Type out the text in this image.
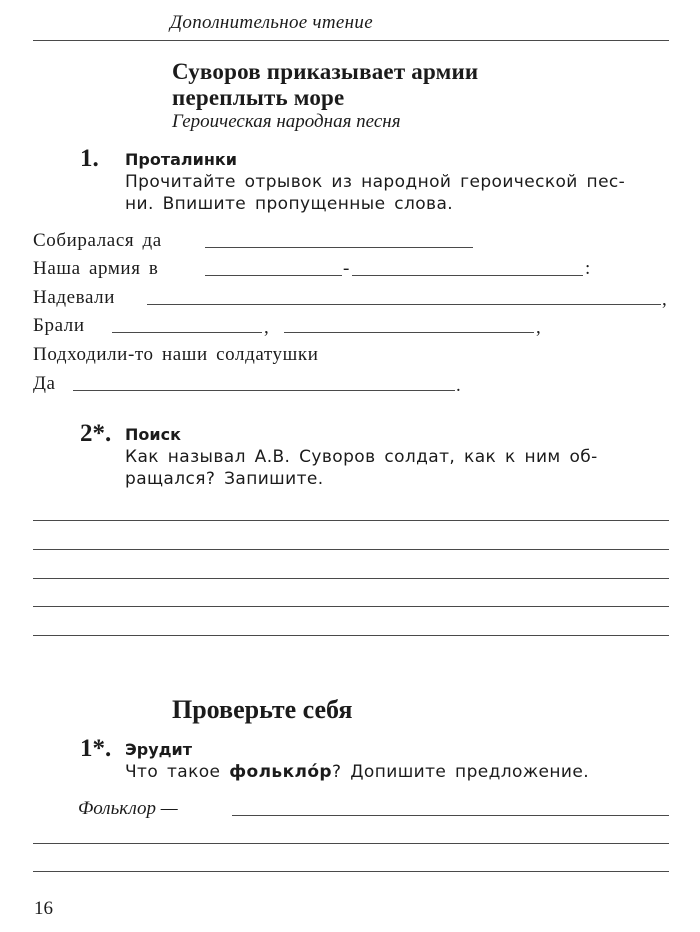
Дополнительное чтение
Суворов приказывает армии
переплыть море
Героическая народная песня
1. Проталинки
Прочитайте отрывок из народной героической пес-
ни. Впишите пропущенные слова.
Собиралася да
Наша армия в	-	:
Надевали	,
Брали	,	,
Подходили-то наши солдатушки
Да	.
2*. Поиск
Как называл А.В. Суворов солдат, как к ним об-
ращался? Запишите.
Проверьте себя
1*. Эрудит
Что такое фольклóр? Допишите предложение.
Фольклор —
16
